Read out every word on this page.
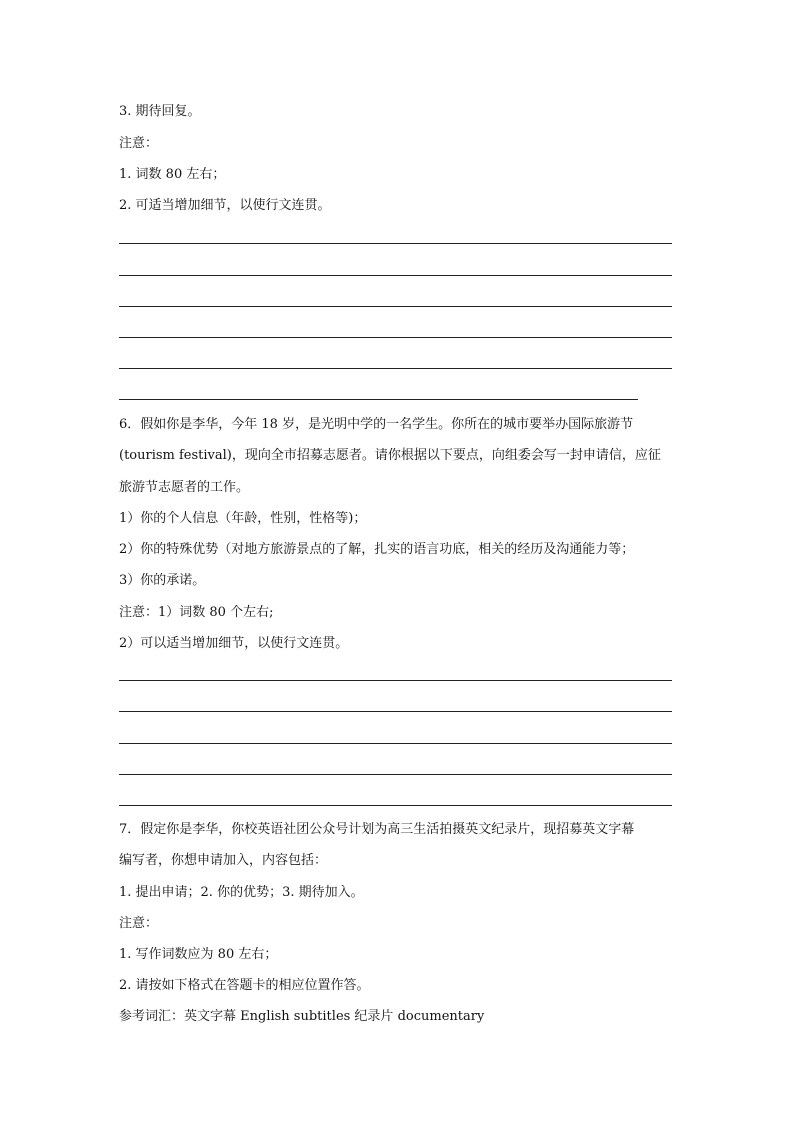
3. 期待回复。
注意：
1. 词数 80 左右；
2. 可适当增加细节，以使行文连贯。
6．假如你是李华，今年 18 岁，是光明中学的一名学生。你所在的城市要举办国际旅游节
(tourism festival)，现向全市招募志愿者。请你根据以下要点，向组委会写一封申请信，应征
旅游节志愿者的工作。
1）你的个人信息（年龄，性别，性格等)；
2）你的特殊优势（对地方旅游景点的了解，扎实的语言功底，相关的经历及沟通能力等；
3）你的承诺。
注意：1）词数 80 个左右;
2）可以适当增加细节，以使行文连贯。
7．假定你是李华，你校英语社团公众号计划为高三生活拍摄英文纪录片，现招募英文字幕
编写者，你想申请加入，内容包括：
1. 提出申请；2. 你的优势；3. 期待加入。
注意：
1. 写作词数应为 80 左右；
2. 请按如下格式在答题卡的相应位置作答。
参考词汇：英文字幕 English subtitles 纪录片 documentary
